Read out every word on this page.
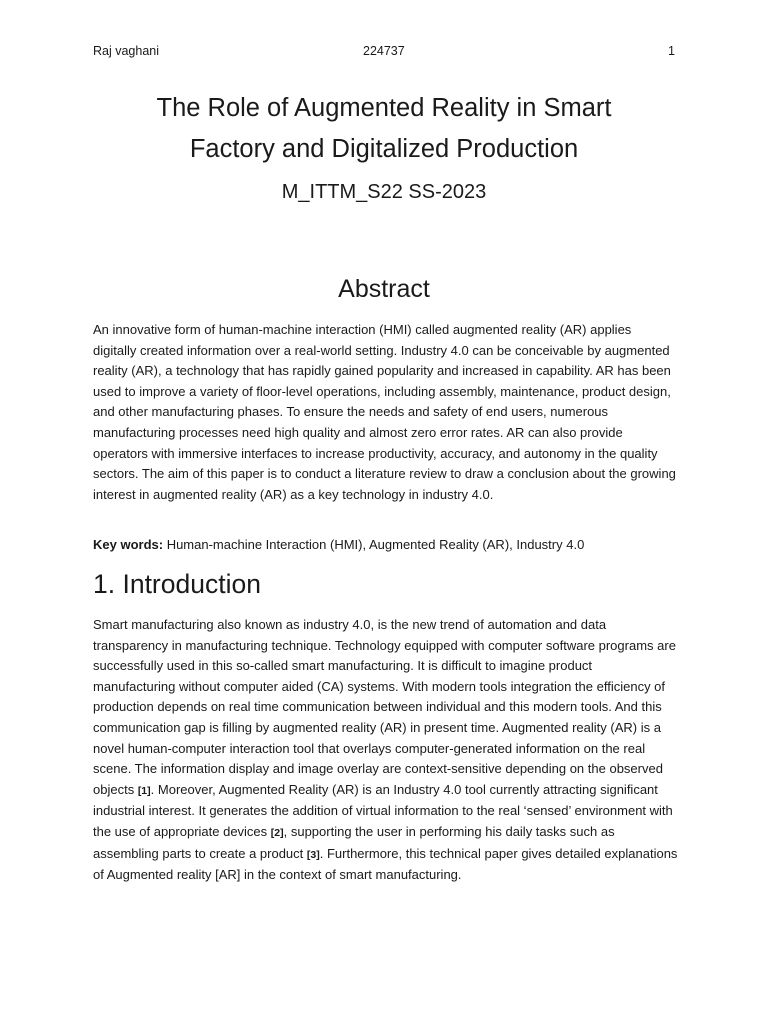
Raj vaghani	224737	1
The Role of Augmented Reality in Smart
Factory and Digitalized Production
M_ITTM_S22 SS-2023
Abstract

An innovative form of human-machine interaction (HMI) called augmented reality (AR) applies digitally created information over a real-world setting. Industry 4.0 can be conceivable by augmented reality (AR), a technology that has rapidly gained popularity and increased in capability. AR has been used to improve a variety of floor-level operations, including assembly, maintenance, product design, and other manufacturing phases. To ensure the needs and safety of end users, numerous manufacturing processes need high quality and almost zero error rates. AR can also provide operators with immersive interfaces to increase productivity, accuracy, and autonomy in the quality sectors. The aim of this paper is to conduct a literature review to draw a conclusion about the growing interest in augmented reality (AR) as a key technology in industry 4.0.

Key words: Human-machine Interaction (HMI), Augmented Reality (AR), Industry 4.0

1. Introduction

Smart manufacturing also known as industry 4.0, is the new trend of automation and data transparency in manufacturing technique. Technology equipped with computer software programs are successfully used in this so-called smart manufacturing. It is difficult to imagine product manufacturing without computer aided (CA) systems. With modern tools integration the efficiency of production depends on real time communication between individual and this modern tools. And this communication gap is filling by augmented reality (AR) in present time. Augmented reality (AR) is a novel human-computer interaction tool that overlays computer-generated information on the real scene. The information display and image overlay are context-sensitive depending on the observed objects [1]. Moreover, Augmented Reality (AR) is an Industry 4.0 tool currently attracting significant industrial interest. It generates the addition of virtual information to the real ‘sensed’ environment with the use of appropriate devices [2], supporting the user in performing his daily tasks such as assembling parts to create a product [3]. Furthermore, this technical paper gives detailed explanations of Augmented reality [AR] in the context of smart manufacturing.
